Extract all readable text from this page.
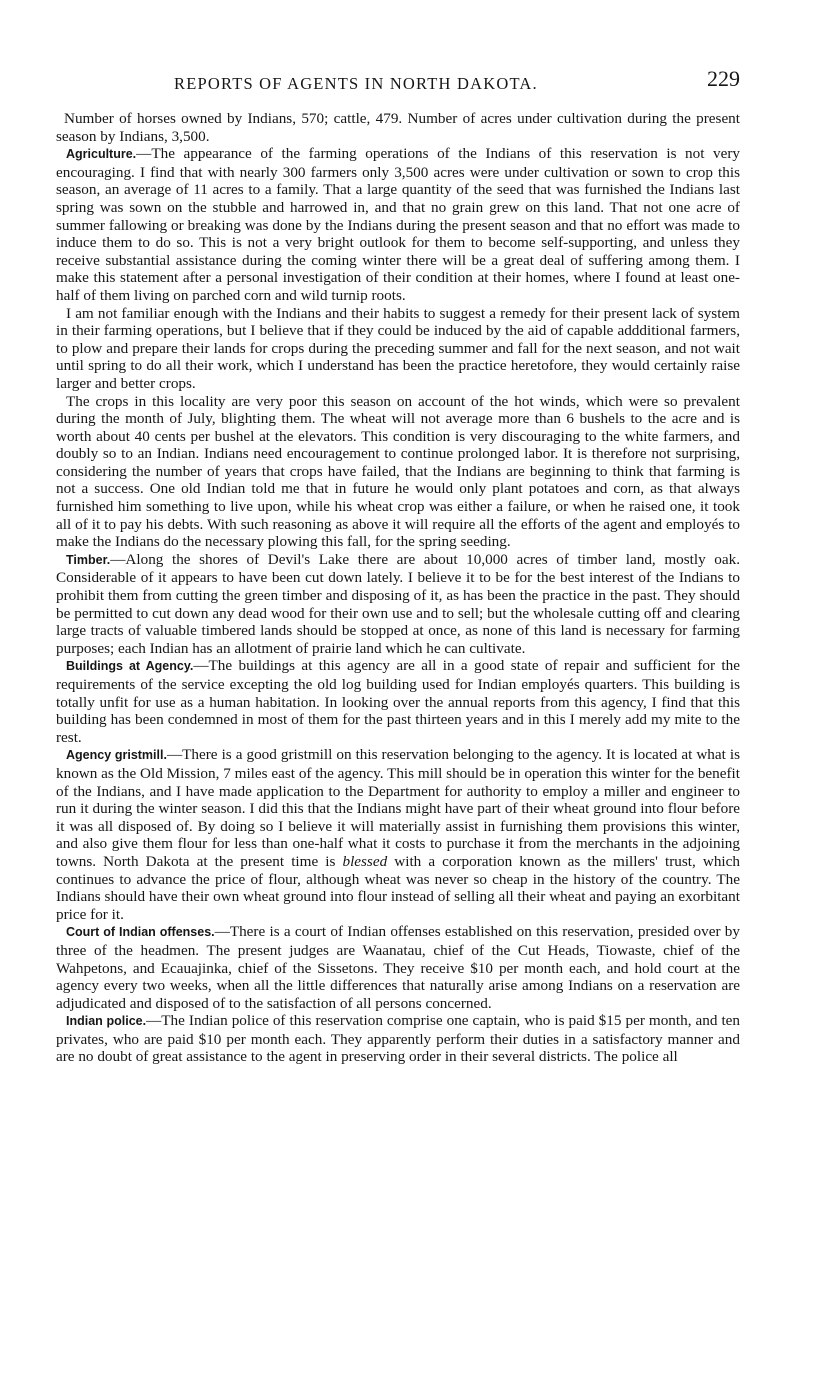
REPORTS OF AGENTS IN NORTH DAKOTA.	229

Number of horses owned by Indians, 570; cattle, 479. Number of acres under cultivation during the present season by Indians, 3,500.

Agriculture.—The appearance of the farming operations of the Indians of this reservation is not very encouraging. I find that with nearly 300 farmers only 3,500 acres were under cultivation or sown to crop this season, an average of 11 acres to a family. That a large quantity of the seed that was furnished the Indians last spring was sown on the stubble and harrowed in, and that no grain grew on this land. That not one acre of summer fallowing or breaking was done by the Indians during the present season and that no effort was made to induce them to do so. This is not a very bright outlook for them to become self-supporting, and unless they receive substantial assistance during the coming winter there will be a great deal of suffering among them. I make this statement after a personal investigation of their condition at their homes, where I found at least one-half of them living on parched corn and wild turnip roots.

I am not familiar enough with the Indians and their habits to suggest a remedy for their present lack of system in their farming operations, but I believe that if they could be induced by the aid of capable addditional farmers, to plow and prepare their lands for crops during the preceding summer and fall for the next season, and not wait until spring to do all their work, which I understand has been the practice heretofore, they would certainly raise larger and better crops.

The crops in this locality are very poor this season on account of the hot winds, which were so prevalent during the month of July, blighting them. The wheat will not average more than 6 bushels to the acre and is worth about 40 cents per bushel at the elevators. This condition is very discouraging to the white farmers, and doubly so to an Indian. Indians need encouragement to continue prolonged labor. It is therefore not surprising, considering the number of years that crops have failed, that the Indians are beginning to think that farming is not a success. One old Indian told me that in future he would only plant potatoes and corn, as that always furnished him something to live upon, while his wheat crop was either a failure, or when he raised one, it took all of it to pay his debts. With such reasoning as above it will require all the efforts of the agent and employés to make the Indians do the necessary plowing this fall, for the spring seeding.

Timber.—Along the shores of Devil's Lake there are about 10,000 acres of timber land, mostly oak. Considerable of it appears to have been cut down lately. I believe it to be for the best interest of the Indians to prohibit them from cutting the green timber and disposing of it, as has been the practice in the past. They should be permitted to cut down any dead wood for their own use and to sell; but the wholesale cutting off and clearing large tracts of valuable timbered lands should be stopped at once, as none of this land is necessary for farming purposes; each Indian has an allotment of prairie land which he can cultivate.

Buildings at Agency.—The buildings at this agency are all in a good state of repair and sufficient for the requirements of the service excepting the old log building used for Indian employés quarters. This building is totally unfit for use as a human habitation. In looking over the annual reports from this agency, I find that this building has been condemned in most of them for the past thirteen years and in this I merely add my mite to the rest.

Agency gristmill.—There is a good gristmill on this reservation belonging to the agency. It is located at what is known as the Old Mission, 7 miles east of the agency. This mill should be in operation this winter for the benefit of the Indians, and I have made application to the Department for authority to employ a miller and engineer to run it during the winter season. I did this that the Indians might have part of their wheat ground into flour before it was all disposed of. By doing so I believe it will materially assist in furnishing them provisions this winter, and also give them flour for less than one-half what it costs to purchase it from the merchants in the adjoining towns. North Dakota at the present time is blessed with a corporation known as the millers' trust, which continues to advance the price of flour, although wheat was never so cheap in the history of the country. The Indians should have their own wheat ground into flour instead of selling all their wheat and paying an exorbitant price for it.

Court of Indian offenses.—There is a court of Indian offenses established on this reservation, presided over by three of the headmen. The present judges are Waanatau, chief of the Cut Heads, Tiowaste, chief of the Wahpetons, and Ecauajinka, chief of the Sissetons. They receive $10 per month each, and hold court at the agency every two weeks, when all the little differences that naturally arise among Indians on a reservation are adjudicated and disposed of to the satisfaction of all persons concerned.

Indian police.—The Indian police of this reservation comprise one captain, who is paid $15 per month, and ten privates, who are paid $10 per month each. They apparently perform their duties in a satisfactory manner and are no doubt of great assistance to the agent in preserving order in their several districts. The police all
